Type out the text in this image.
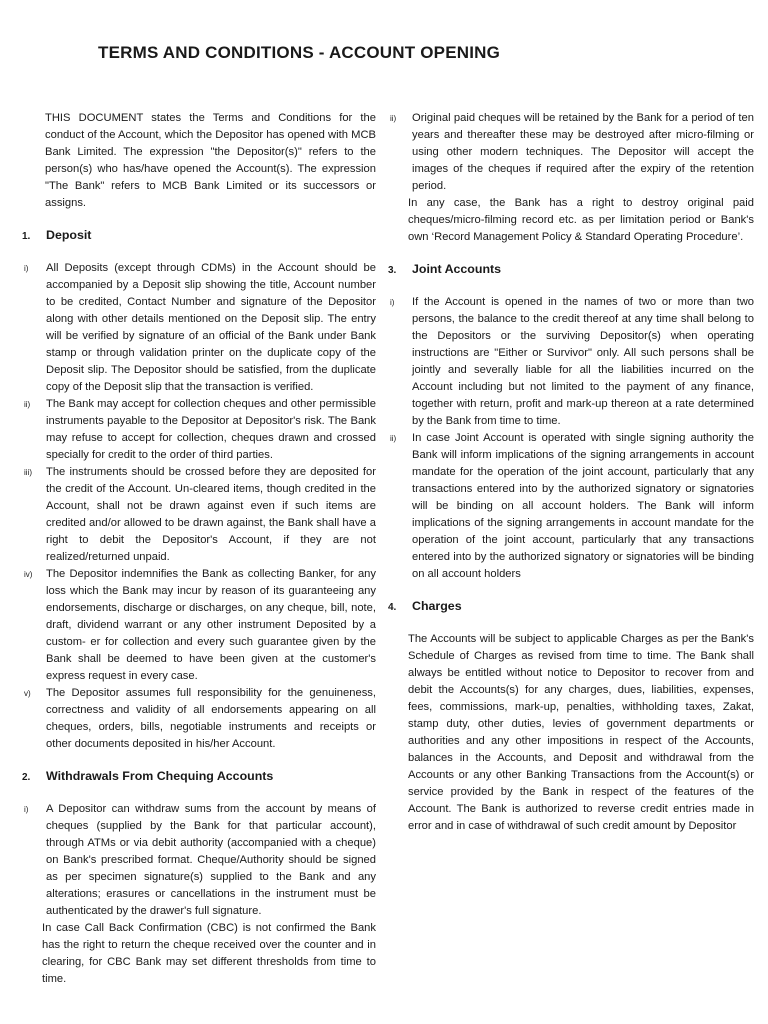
TERMS AND CONDITIONS - ACCOUNT OPENING

THIS DOCUMENT states the Terms and Conditions for the conduct of the Account, which the Depositor has opened with MCB Bank Limited. The expression "the Depositor(s)" refers to the person(s) who has/have opened the Account(s). The expression "The Bank" refers to MCB Bank Limited or its successors or assigns.

1.	Deposit
i)	All Deposits (except through CDMs) in the Account should be accompanied by a Deposit slip showing the title, Account number to be credited, Contact Number and signature of the Depositor along with other details mentioned on the Deposit slip. The entry will be verified by signature of an official of the Bank under Bank stamp or through validation printer on the duplicate copy of the Deposit slip. The Depositor should be satisfied, from the duplicate copy of the Deposit slip that the transaction is verified.
ii)	The Bank may accept for collection cheques and other permissible instruments payable to the Depositor at Depositor's risk. The Bank may refuse to accept for collection, cheques drawn and crossed specially for credit to the order of third parties.
iii)	The instruments should be crossed before they are deposited for the credit of the Account. Un-cleared items, though credited in the Account, shall not be drawn against even if such items are credited and/or allowed to be drawn against, the Bank shall have a right to debit the Depositor's Account, if they are not realized/returned unpaid.
iv)	The Depositor indemnifies the Bank as collecting Banker, for any loss which the Bank may incur by reason of its guaranteeing any endorsements, discharge or discharges, on any cheque, bill, note, draft, dividend warrant or any other instrument Deposited by a custom- er for collection and every such guarantee given by the Bank shall be deemed to have been given at the customer's express request in every case.
v)	The Depositor assumes full responsibility for the genuineness, correctness and validity of all endorsements appearing on all cheques, orders, bills, negotiable instruments and receipts or other documents deposited in his/her Account.
2.	Withdrawals From Chequing Accounts
i)	A Depositor can withdraw sums from the account by means of cheques (supplied by the Bank for that particular account), through ATMs or via debit authority (accompanied with a cheque) on Bank's prescribed format. Cheque/Authority should be signed as per specimen signature(s) supplied to the Bank and any alterations; erasures or cancellations in the instrument must be authenticated by the drawer's full signature.

In case Call Back Confirmation (CBC) is not confirmed the Bank has the right to return the cheque received over the counter and in clearing, for CBC Bank may set different thresholds from time to time.

ii)	Original paid cheques will be retained by the Bank for a period of ten years and thereafter these may be destroyed after micro-filming or using other modern techniques. The Depositor will accept the images of the cheques if required after the expiry of the retention period.

In any case, the Bank has a right to destroy original paid cheques/micro-filming record etc. as per limitation period or Bank's own ‘Record Management Policy & Standard Operating Procedure’.

3.	Joint Accounts
i)	If the Account is opened in the names of two or more than two persons, the balance to the credit thereof at any time shall belong to the Depositors or the surviving Depositor(s) when operating instructions are "Either or Survivor" only. All such persons shall be jointly and severally liable for all the liabilities incurred on the Account including but not limited to the payment of any finance, together with return, profit and mark-up thereon at a rate determined by the Bank from time to time.
ii)	In case Joint Account is operated with single signing authority the Bank will inform implications of the signing arrangements in account mandate for the operation of the joint account, particularly that any transactions entered into by the authorized signatory or signatories will be binding on all account holders. The Bank will inform implications of the signing arrangements in account mandate for the operation of the joint account, particularly that any transactions entered into by the authorized signatory or signatories will be binding on all account holders
4.	Charges

The Accounts will be subject to applicable Charges as per the Bank's Schedule of Charges as revised from time to time. The Bank shall always be entitled without notice to Depositor to recover from and debit the Accounts(s) for any charges, dues, liabilities, expenses, fees, commissions, mark-up, penalties, withholding taxes, Zakat, stamp duty, other duties, levies of government departments or authorities and any other impositions in respect of the Accounts, balances in the Accounts, and Deposit and withdrawal from the Accounts or any other Banking Transactions from the Account(s) or service provided by the Bank in respect of the features of the Account. The Bank is authorized to reverse credit entries made in error and in case of withdrawal of such credit amount by Depositor
